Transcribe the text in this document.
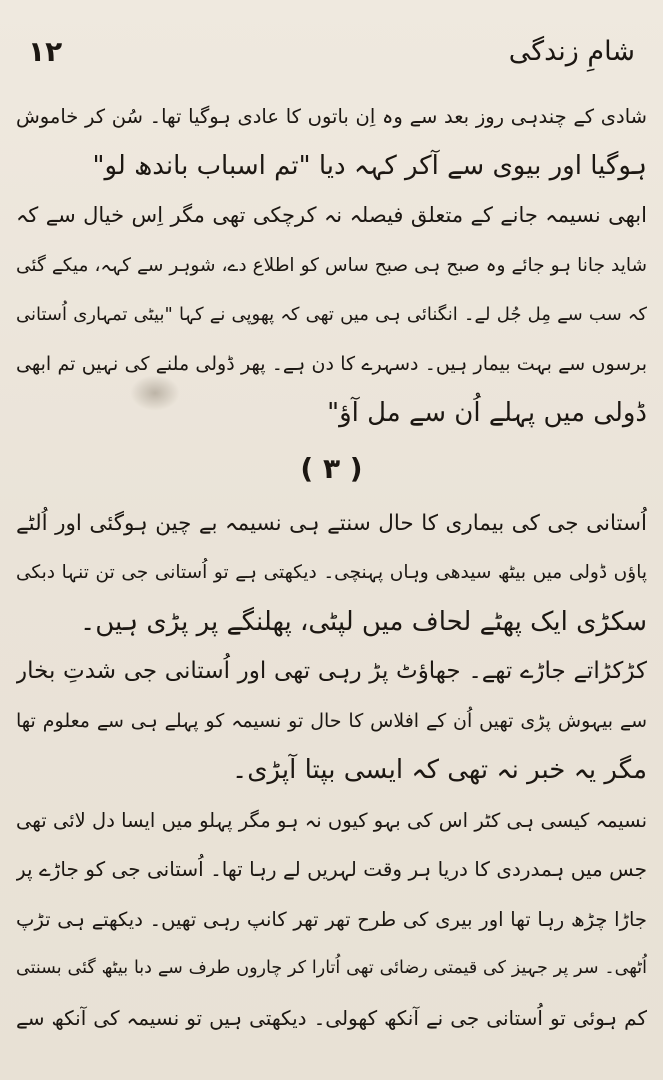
شامِ زندگی
۱۲
شادی کے چندہی روز بعد سے وہ اِن باتوں کا عادی ہوگیا تھا۔ سُن کر خاموش
ہوگیا اور بیوی سے آکر کہہ دیا "تم اسباب باندھ لو"
ابھی نسیمہ جانے کے متعلق فیصلہ نہ کرچکی تھی مگر اِس خیال سے کہ
شاید جانا ہو جائے وہ صبح ہی صبح ساس کو اطلاع دے، شوہر سے کہہ، میکے گئی
کہ سب سے مِل جُل لے۔ انگنائی ہی میں تھی کہ پھوپی نے کہا "بیٹی تمہاری اُستانی
برسوں سے بہت بیمار ہیں۔ دسہرے کا دن ہے۔ پھر ڈولی ملنے کی نہیں تم ابھی
ڈولی میں پہلے اُن سے مل آؤ"
( ۳ )
اُستانی جی کی بیماری کا حال سنتے ہی نسیمہ بے چین ہوگئی اور اُلٹے
پاؤں ڈولی میں بیٹھ سیدھی وہاں پہنچی۔ دیکھتی ہے تو اُستانی جی تن تنہا دبکی
سکڑی ایک پھٹے لحاف میں لپٹی، پھلنگے پر پڑی ہیں۔
کڑکڑاتے جاڑے تھے۔ جھاؤٹ پڑ رہی تھی اور اُستانی جی شدتِ بخار
سے بیہوش پڑی تھیں اُن کے افلاس کا حال تو نسیمہ کو پہلے ہی سے معلوم تھا
مگر یہ خبر نہ تھی کہ ایسی بپتا آپڑی۔
نسیمہ کیسی ہی کٹر اس کی بہو کیوں نہ ہو مگر پہلو میں ایسا دل لائی تھی
جس میں ہمدردی کا دریا ہر وقت لہریں لے رہا تھا۔ اُستانی جی کو جاڑے پر
جاڑا چڑھ رہا تھا اور بیری کی طرح تھر تھر کانپ رہی تھیں۔ دیکھتے ہی تڑپ
اُٹھی۔ سر پر جہیز کی قیمتی رضائی تھی اُتارا کر چاروں طرف سے دبا بیٹھ گئی بسنتی
کم ہوئی تو اُستانی جی نے آنکھ کھولی۔ دیکھتی ہیں تو نسیمہ کی آنکھ سے
